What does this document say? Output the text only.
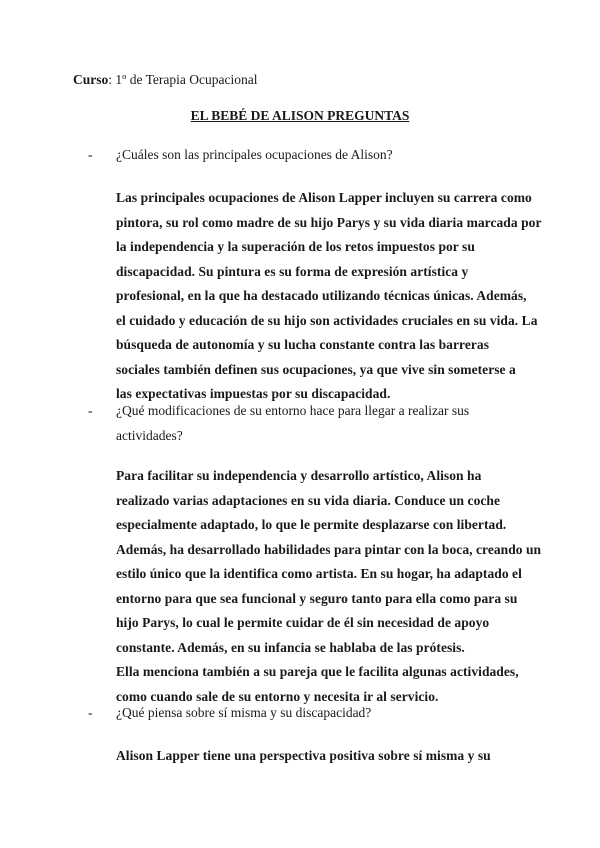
Curso: 1º de Terapia Ocupacional
EL BEBÉ DE ALISON PREGUNTAS
-	¿Cuáles son las principales ocupaciones de Alison?
Las principales ocupaciones de Alison Lapper incluyen su carrera como
pintora, su rol como madre de su hijo Parys y su vida diaria marcada por
la independencia y la superación de los retos impuestos por su
discapacidad. Su pintura es su forma de expresión artística y
profesional, en la que ha destacado utilizando técnicas únicas. Además,
el cuidado y educación de su hijo son actividades cruciales en su vida. La
búsqueda de autonomía y su lucha constante contra las barreras
sociales también definen sus ocupaciones, ya que vive sin someterse a
las expectativas impuestas por su discapacidad.
-	¿Qué modificaciones de su entorno hace para llegar a realizar sus
actividades?
Para facilitar su independencia y desarrollo artístico, Alison ha
realizado varias adaptaciones en su vida diaria. Conduce un coche
especialmente adaptado, lo que le permite desplazarse con libertad.
Además, ha desarrollado habilidades para pintar con la boca, creando un
estilo único que la identifica como artista. En su hogar, ha adaptado el
entorno para que sea funcional y seguro tanto para ella como para su
hijo Parys, lo cual le permite cuidar de él sin necesidad de apoyo
constante. Además, en su infancia se hablaba de las prótesis.
Ella menciona también a su pareja que le facilita algunas actividades,
como cuando sale de su entorno y necesita ir al servicio.
-	¿Qué piensa sobre sí misma y su discapacidad?
Alison Lapper tiene una perspectiva positiva sobre sí misma y su
